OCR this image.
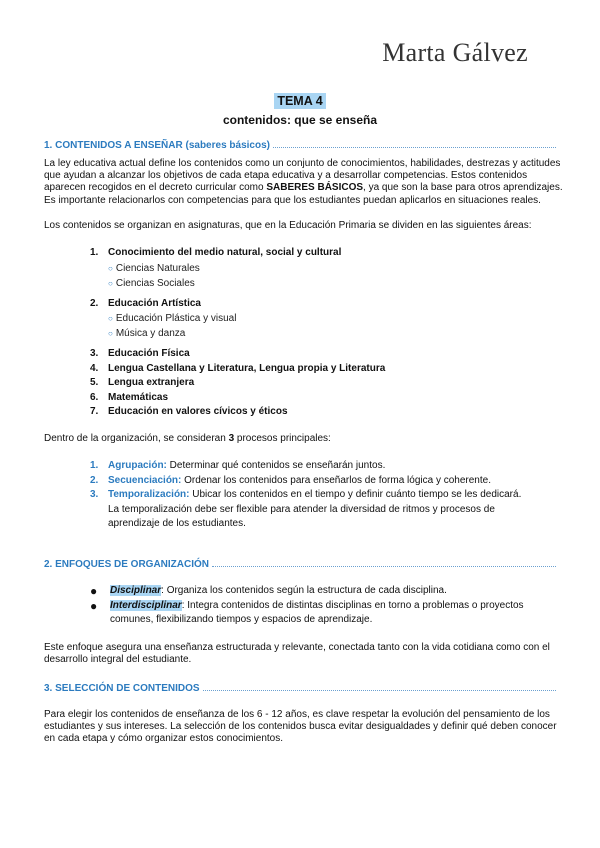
Marta Gálvez
TEMA 4
contenidos: que se enseña
1. CONTENIDOS A ENSEÑAR (saberes básicos)
La ley educativa actual define los contenidos como un conjunto de conocimientos, habilidades, destrezas y actitudes que ayudan a alcanzar los objetivos de cada etapa educativa y a desarrollar competencias. Estos contenidos aparecen recogidos en el decreto curricular como SABERES BÁSICOS, ya que son la base para otros aprendizajes. Es importante relacionarlos con competencias para que los estudiantes puedan aplicarlos en situaciones reales.
Los contenidos se organizan en asignaturas, que en la Educación Primaria se dividen en las siguientes áreas:
1. Conocimiento del medio natural, social y cultural
○ Ciencias Naturales
○ Ciencias Sociales
2. Educación Artística
○ Educación Plástica y visual
○ Música y danza
3. Educación Física
4. Lengua Castellana y Literatura, Lengua propia y Literatura
5. Lengua extranjera
6. Matemáticas
7. Educación en valores cívicos y éticos
Dentro de la organización, se consideran 3 procesos principales:
1. Agrupación: Determinar qué contenidos se enseñarán juntos.
2. Secuenciación: Ordenar los contenidos para enseñarlos de forma lógica y coherente.
3. Temporalización: Ubicar los contenidos en el tiempo y definir cuánto tiempo se les dedicará. La temporalización debe ser flexible para atender la diversidad de ritmos y procesos de aprendizaje de los estudiantes.
2. ENFOQUES DE ORGANIZACIÓN
●	Disciplinar: Organiza los contenidos según la estructura de cada disciplina.
●	Interdisciplinar: Integra contenidos de distintas disciplinas en torno a problemas o proyectos comunes, flexibilizando tiempos y espacios de aprendizaje.
Este enfoque asegura una enseñanza estructurada y relevante, conectada tanto con la vida cotidiana como con el desarrollo integral del estudiante.
3. SELECCIÓN DE CONTENIDOS
Para elegir los contenidos de enseñanza de los 6 - 12 años, es clave respetar la evolución del pensamiento de los estudiantes y sus intereses. La selección de los contenidos busca evitar desigualdades y definir qué deben conocer en cada etapa y cómo organizar estos conocimientos.
